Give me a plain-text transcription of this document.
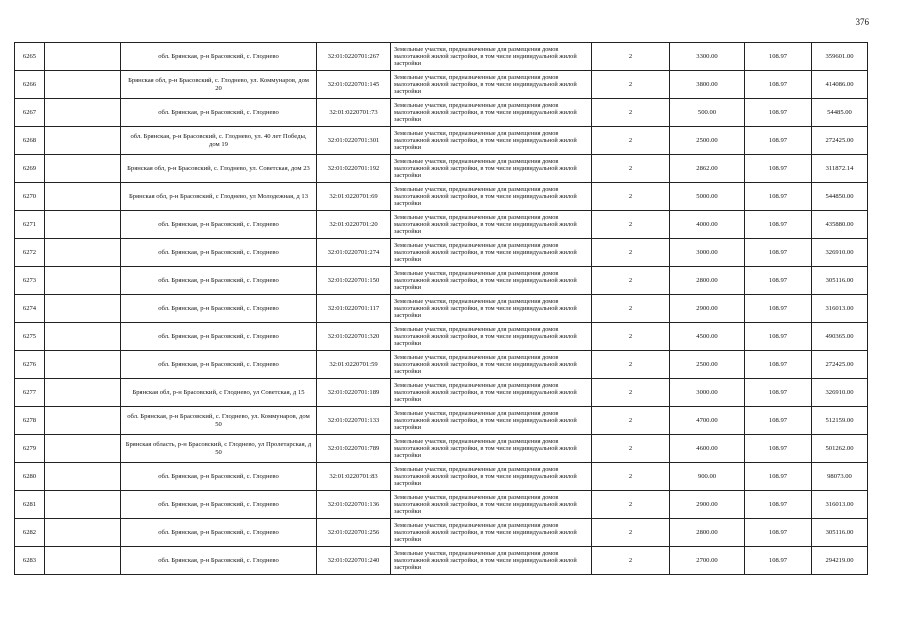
376
6265		обл. Брянская, р-н Брасовский, с. Глоднево	32:01:0220701:267	Земельные участки, предназначенные для размещения домов малоэтажной жилой застройки, в том числе индивидуальной жилой застройки	2	3300.00	108.97	359601.00
6266		Брянская обл, р-н Брасовский, с. Глоднево, ул. Коммунаров, дом 20	32:01:0220701:145	Земельные участки, предназначенные для размещения домов малоэтажной жилой застройки, в том числе индивидуальной жилой застройки	2	3800.00	108.97	414086.00
6267		обл. Брянская, р-н Брасовский, с. Глоднево	32:01:0220701:73	Земельные участки, предназначенные для размещения домов малоэтажной жилой застройки, в том числе индивидуальной жилой застройки	2	500.00	108.97	54485.00
6268		обл. Брянская, р-н Брасовский, с. Глоднево, ул. 40 лет Победы, дом 19	32:01:0220701:301	Земельные участки, предназначенные для размещения домов малоэтажной жилой застройки, в том числе индивидуальной жилой застройки	2	2500.00	108.97	272425.00
6269		Брянская обл, р-н Брасовский, с. Глоднево, ул. Советская, дом 23	32:01:0220701:192	Земельные участки, предназначенные для размещения домов малоэтажной жилой застройки, в том числе индивидуальной жилой застройки	2	2862.00	108.97	311872.14
6270		Брянская обл, р-н Брасовский, с Глоднево, ул Молодежная, д 13	32:01:0220701:69	Земельные участки, предназначенные для размещения домов малоэтажной жилой застройки, в том числе индивидуальной жилой застройки	2	5000.00	108.97	544850.00
6271		обл. Брянская, р-н Брасовский, с. Глоднево	32:01:0220701:20	Земельные участки, предназначенные для размещения домов малоэтажной жилой застройки, в том числе индивидуальной жилой застройки	2	4000.00	108.97	435880.00
6272		обл. Брянская, р-н Брасовский, с. Глоднево	32:01:0220701:274	Земельные участки, предназначенные для размещения домов малоэтажной жилой застройки, в том числе индивидуальной жилой застройки	2	3000.00	108.97	326910.00
6273		обл. Брянская, р-н Брасовский, с. Глоднево	32:01:0220701:150	Земельные участки, предназначенные для размещения домов малоэтажной жилой застройки, в том числе индивидуальной жилой застройки	2	2800.00	108.97	305116.00
6274		обл. Брянская, р-н Брасовский, с. Глоднево	32:01:0220701:117	Земельные участки, предназначенные для размещения домов малоэтажной жилой застройки, в том числе индивидуальной жилой застройки	2	2900.00	108.97	316013.00
6275		обл. Брянская, р-н Брасовский, с. Глоднево	32:01:0220701:320	Земельные участки, предназначенные для размещения домов малоэтажной жилой застройки, в том числе индивидуальной жилой застройки	2	4500.00	108.97	490365.00
6276		обл. Брянская, р-н Брасовский, с. Глоднево	32:01:0220701:59	Земельные участки, предназначенные для размещения домов малоэтажной жилой застройки, в том числе индивидуальной жилой застройки	2	2500.00	108.97	272425.00
6277		Брянская обл, р-н Брасовский, с Глоднево, ул Советская, д 15	32:01:0220701:189	Земельные участки, предназначенные для размещения домов малоэтажной жилой застройки, в том числе индивидуальной жилой застройки	2	3000.00	108.97	326910.00
6278		обл. Брянская, р-н Брасовский, с. Глоднево, ул. Коммунаров, дом 50	32:01:0220701:133	Земельные участки, предназначенные для размещения домов малоэтажной жилой застройки, в том числе индивидуальной жилой застройки	2	4700.00	108.97	512159.00
6279		Брянская область, р-н Брасовский, с Глоднево, ул Пролетарская, д 50	32:01:0220701:789	Земельные участки, предназначенные для размещения домов малоэтажной жилой застройки, в том числе индивидуальной жилой застройки	2	4600.00	108.97	501262.00
6280		обл. Брянская, р-н Брасовский, с. Глоднево	32:01:0220701:83	Земельные участки, предназначенные для размещения домов малоэтажной жилой застройки, в том числе индивидуальной жилой застройки	2	900.00	108.97	98073.00
6281		обл. Брянская, р-н Брасовский, с. Глоднево	32:01:0220701:136	Земельные участки, предназначенные для размещения домов малоэтажной жилой застройки, в том числе индивидуальной жилой застройки	2	2900.00	108.97	316013.00
6282		обл. Брянская, р-н Брасовский, с. Глоднево	32:01:0220701:256	Земельные участки, предназначенные для размещения домов малоэтажной жилой застройки, в том числе индивидуальной жилой застройки	2	2800.00	108.97	305116.00
6283		обл. Брянская, р-н Брасовский, с. Глоднево	32:01:0220701:240	Земельные участки, предназначенные для размещения домов малоэтажной жилой застройки, в том числе индивидуальной жилой застройки	2	2700.00	108.97	294219.00
